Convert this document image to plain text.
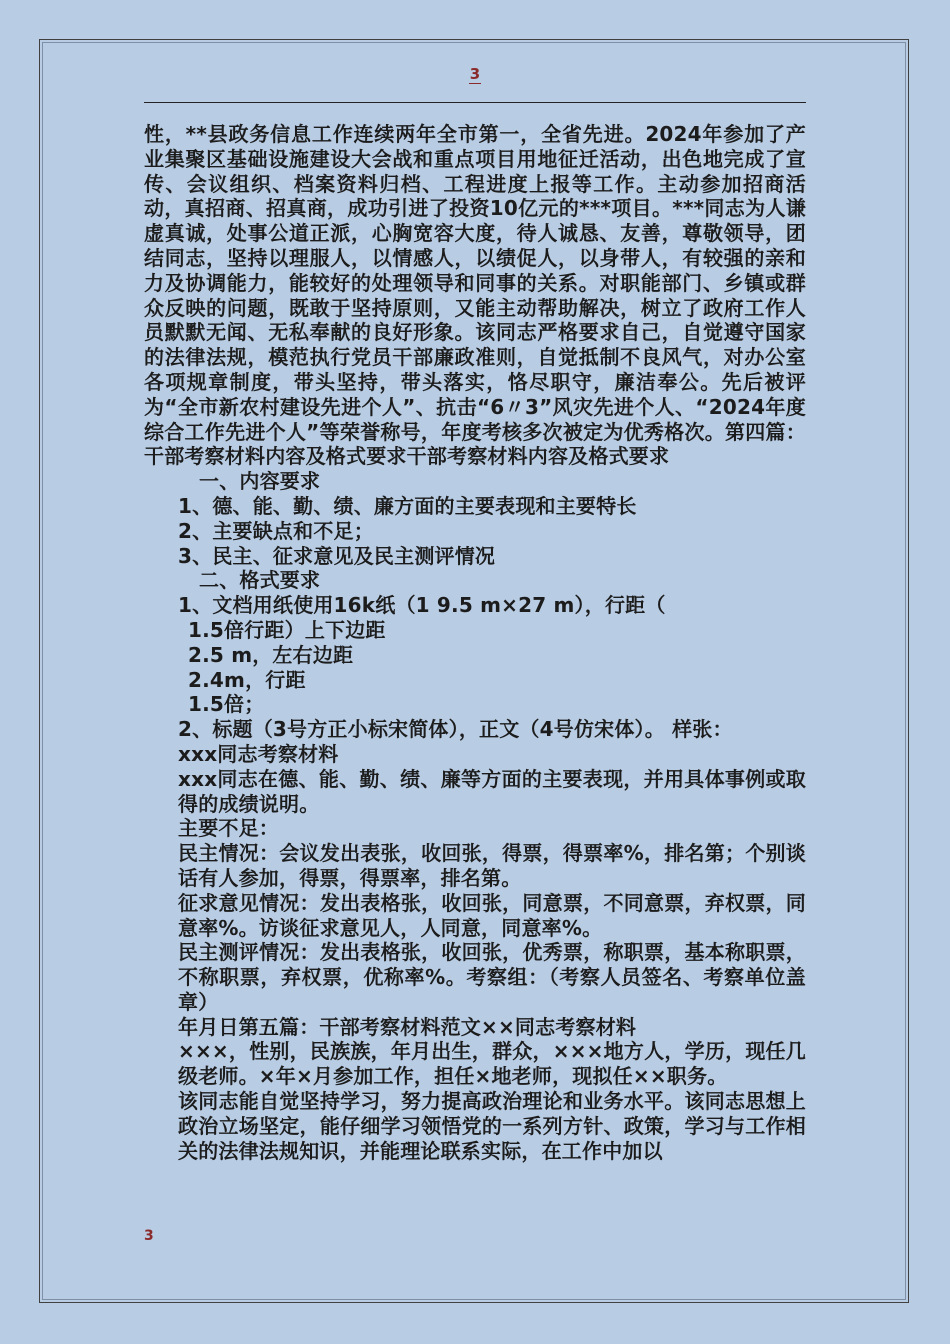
3

性，**县政务信息工作连续两年全市第一，全省先进。2024年参加了产业集聚区基础设施建设大会战和重点项目用地征迁活动，出色地完成了宣传、会议组织、档案资料归档、工程进度上报等工作。主动参加招商活动，真招商、招真商，成功引进了投资10亿元的***项目。***同志为人谦虚真诚，处事公道正派，心胸宽容大度，待人诚恳、友善，尊敬领导，团结同志，坚持以理服人，以情感人，以绩促人，以身带人，有较强的亲和力及协调能力，能较好的处理领导和同事的关系。对职能部门、乡镇或群众反映的问题，既敢于坚持原则，又能主动帮助解决，树立了政府工作人员默默无闻、无私奉献的良好形象。该同志严格要求自己，自觉遵守国家的法律法规，模范执行党员干部廉政准则，自觉抵制不良风气，对办公室各项规章制度，带头坚持，带头落实，恪尽职守，廉洁奉公。先后被评为“全市新农村建设先进个人”、抗击“6〃3”风灾先进个人、“2024年度综合工作先进个人”等荣誉称号，年度考核多次被定为优秀格次。第四篇：干部考察材料内容及格式要求干部考察材料内容及格式要求

一、内容要求

1、德、能、勤、绩、廉方面的主要表现和主要特长

2、主要缺点和不足；

3、民主、征求意见及民主测评情况

二、格式要求

1、文档用纸使用16k纸（1 9.5 m×27 m），行距（

1.5倍行距）上下边距

2.5 m，左右边距

2.4m，行距

1.5倍；

2、标题（3号方正小标宋简体），正文（4号仿宋体）。 样张：

xxx同志考察材料

xxx同志在德、能、勤、绩、廉等方面的主要表现，并用具体事例或取得的成绩说明。

主要不足：

民主情况：会议发出表张，收回张，得票，得票率%，排名第；个别谈话有人参加，得票，得票率，排名第。

征求意见情况：发出表格张，收回张，同意票，不同意票，弃权票，同意率%。访谈征求意见人，人同意，同意率%。

民主测评情况：发出表格张，收回张，优秀票，称职票，基本称职票，不称职票，弃权票，优称率%。考察组：（考察人员签名、考察单位盖章）

年月日第五篇：干部考察材料范文××同志考察材料

×××，性别，民族族，年月出生，群众，×××地方人，学历，现任几级老师。×年×月参加工作，担任×地老师，现拟任××职务。

该同志能自觉坚持学习，努力提高政治理论和业务水平。该同志思想上政治立场坚定，能仔细学习领悟党的一系列方针、政策，学习与工作相关的法律法规知识，并能理论联系实际，在工作中加以

3
